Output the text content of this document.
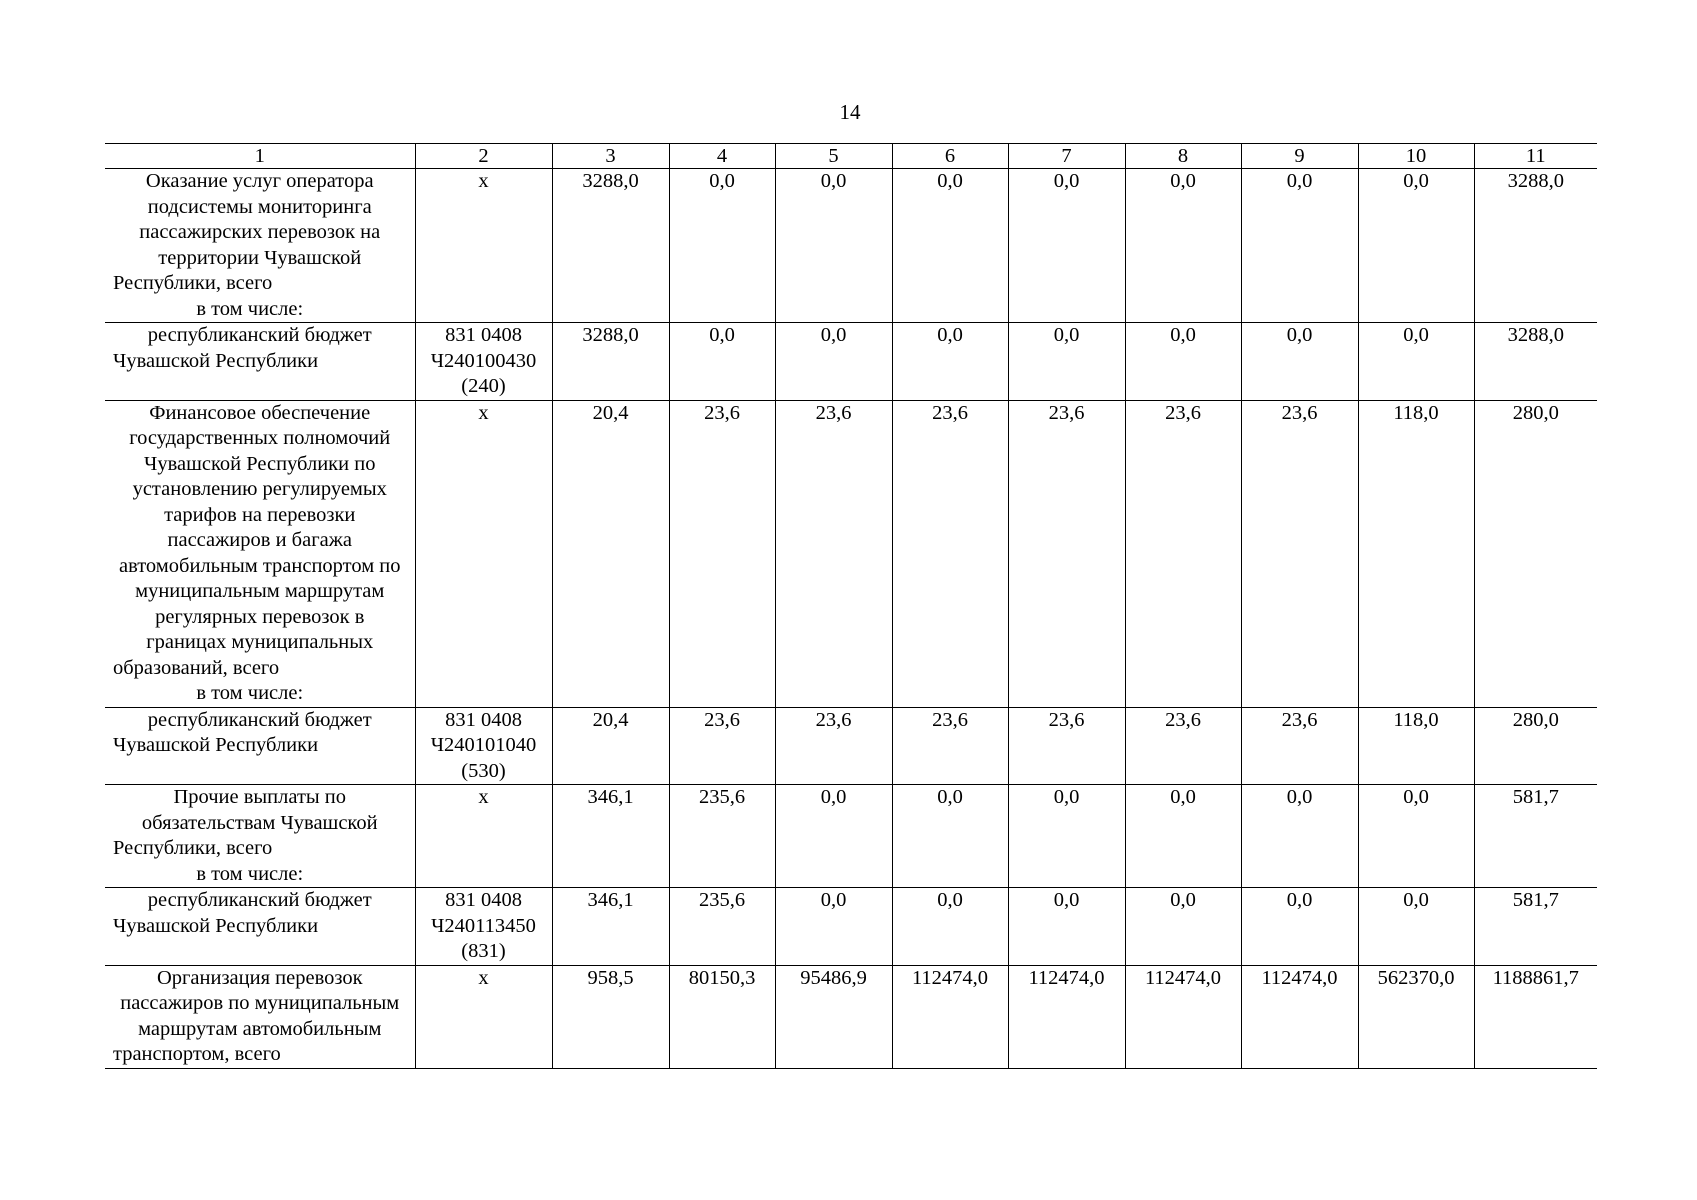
14
1	2	3	4	5	6	7	8	9	10	11

Оказание услуг оператора подсистемы мониторинга пассажирских перевозок на территории Чувашской Республики, всего
в том числе:	х	3288,0	0,0	0,0	0,0	0,0	0,0	0,0	0,0	3288,0

республиканский бюджет Чувашской Республики	831 0408
Ч240100430
(240)	3288,0	0,0	0,0	0,0	0,0	0,0	0,0	0,0	3288,0

Финансовое обеспечение государственных полномочий Чувашской Республики по установлению регулируемых тарифов на перевозки пассажиров и багажа автомобильным транспортом по муниципальным маршрутам регулярных перевозок в границах муниципальных образований, всего
в том числе:	х	20,4	23,6	23,6	23,6	23,6	23,6	23,6	118,0	280,0

республиканский бюджет Чувашской Республики	831 0408
Ч240101040
(530)	20,4	23,6	23,6	23,6	23,6	23,6	23,6	118,0	280,0

Прочие выплаты по обязательствам Чувашской Республики, всего
в том числе:	х	346,1	235,6	0,0	0,0	0,0	0,0	0,0	0,0	581,7

республиканский бюджет Чувашской Республики	831 0408
Ч240113450
(831)	346,1	235,6	0,0	0,0	0,0	0,0	0,0	0,0	581,7

Организация перевозок пассажиров по муниципальным маршрутам автомобильным транспортом, всего	х	958,5	80150,3	95486,9	112474,0	112474,0	112474,0	112474,0	562370,0	1188861,7
